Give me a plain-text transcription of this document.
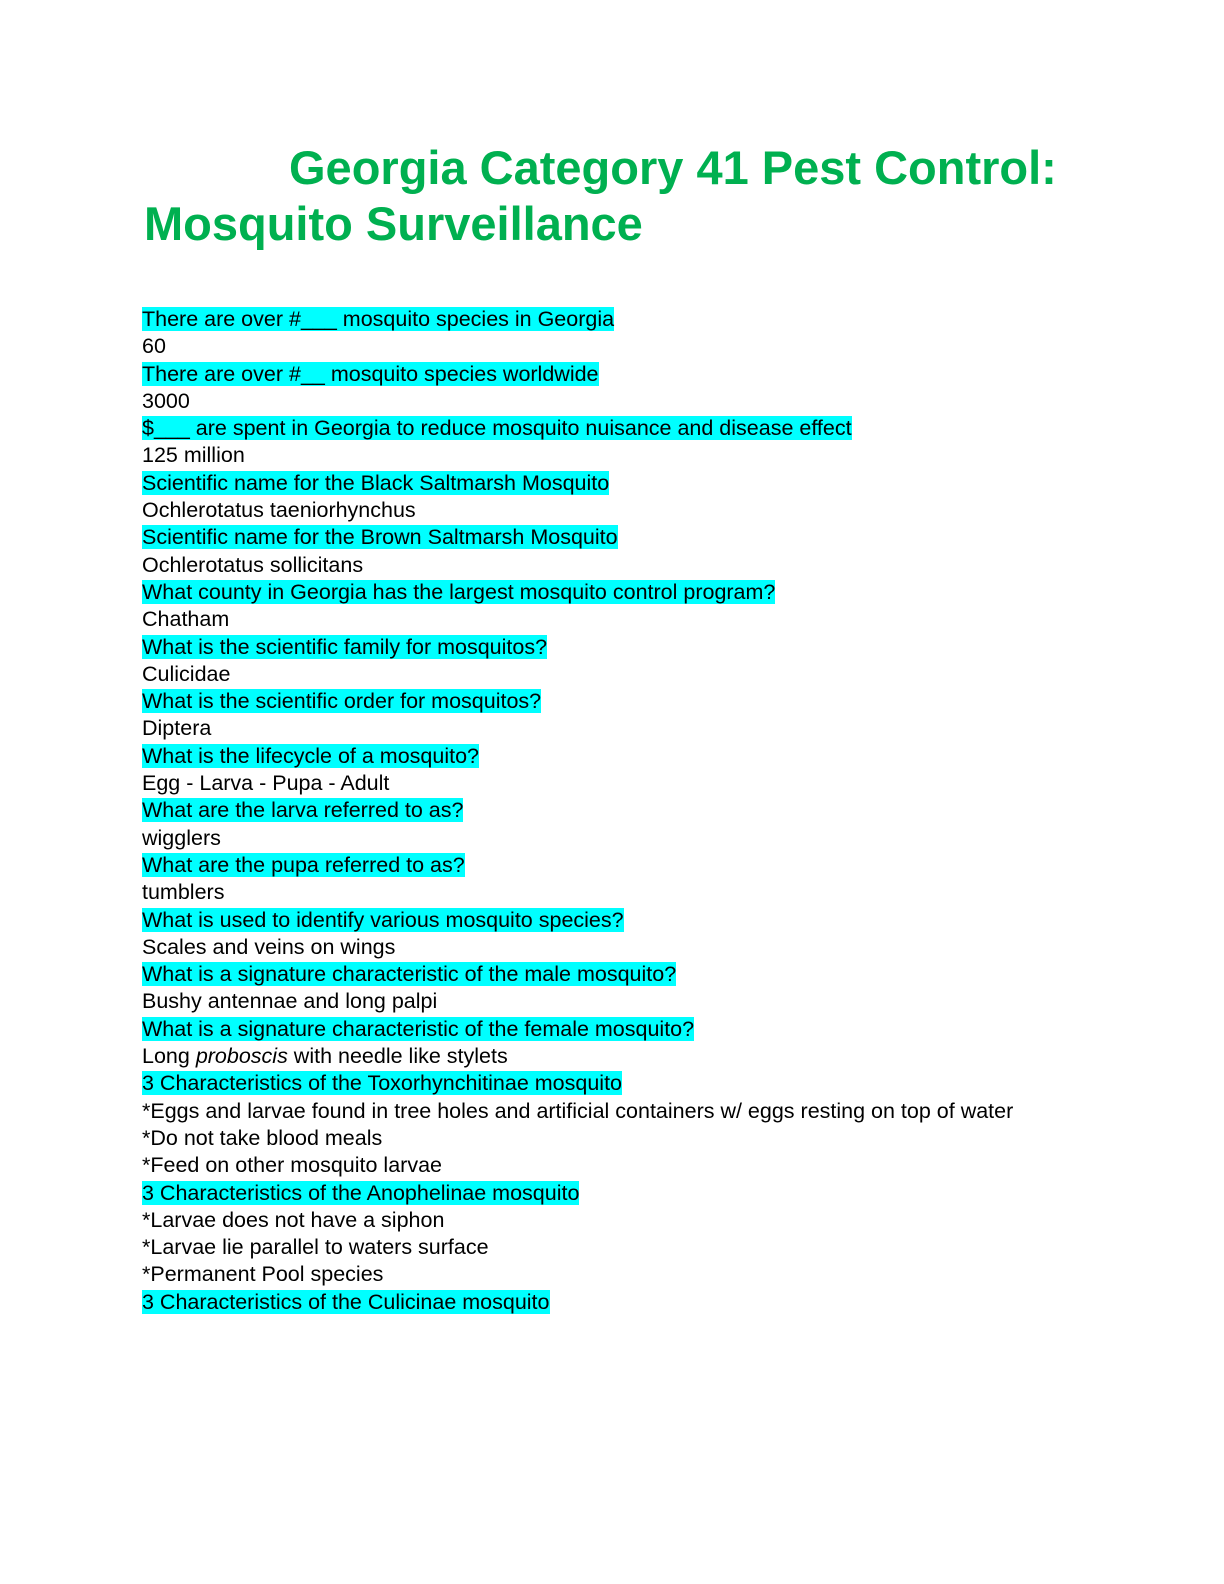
Georgia Category 41 Pest Control:
Mosquito Surveillance
There are over #___ mosquito species in Georgia
60
There are over #__ mosquito species worldwide
3000
$___ are spent in Georgia to reduce mosquito nuisance and disease effect
125 million
Scientific name for the Black Saltmarsh Mosquito
Ochlerotatus taeniorhynchus
Scientific name for the Brown Saltmarsh Mosquito
Ochlerotatus sollicitans
What county in Georgia has the largest mosquito control program?
Chatham
What is the scientific family for mosquitos?
Culicidae
What is the scientific order for mosquitos?
Diptera
What is the lifecycle of a mosquito?
Egg - Larva - Pupa - Adult
What are the larva referred to as?
wigglers
What are the pupa referred to as?
tumblers
What is used to identify various mosquito species?
Scales and veins on wings
What is a signature characteristic of the male mosquito?
Bushy antennae and long palpi
What is a signature characteristic of the female mosquito?
Long proboscis with needle like stylets
3 Characteristics of the Toxorhynchitinae mosquito
*Eggs and larvae found in tree holes and artificial containers w/ eggs resting on top of water
*Do not take blood meals
*Feed on other mosquito larvae
3 Characteristics of the Anophelinae mosquito
*Larvae does not have a siphon
*Larvae lie parallel to waters surface
*Permanent Pool species
3 Characteristics of the Culicinae mosquito
